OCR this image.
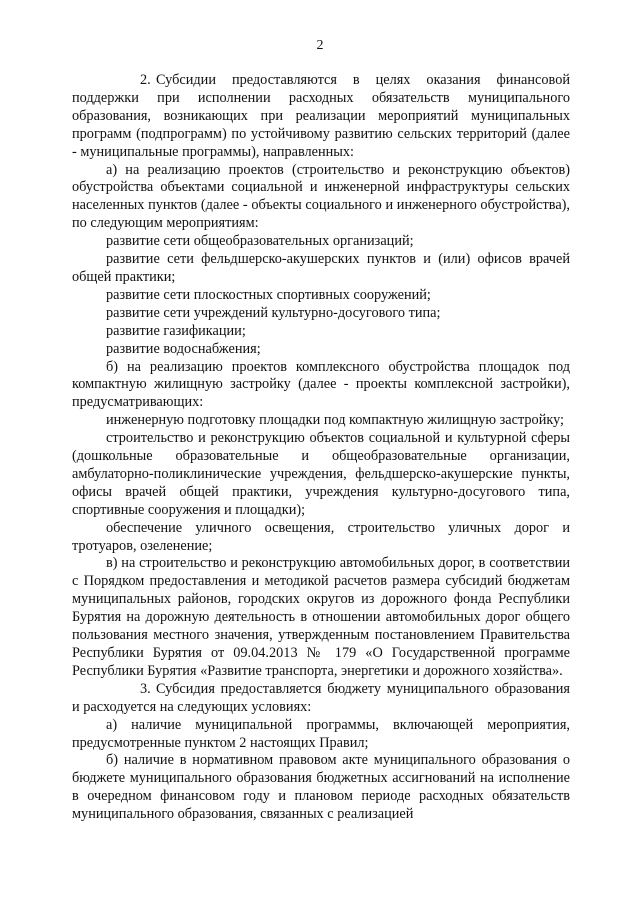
2

2. Субсидии предоставляются в целях оказания финансовой поддержки при исполнении расходных обязательств муниципального образования, возникающих при реализации мероприятий муниципальных программ (подпрограмм) по устойчивому развитию сельских территорий (далее - муниципальные программы), направленных:

а) на реализацию проектов (строительство и реконструкцию объектов) обустройства объектами социальной и инженерной инфраструктуры сельских населенных пунктов (далее - объекты социального и инженерного обустройства), по следующим мероприятиям:

развитие сети общеобразовательных организаций;

развитие сети фельдшерско-акушерских пунктов и (или) офисов врачей общей практики;

развитие сети плоскостных спортивных сооружений;

развитие сети учреждений культурно-досугового типа;

развитие газификации;

развитие водоснабжения;

б) на реализацию проектов комплексного обустройства площадок под компактную жилищную застройку (далее - проекты комплексной застройки), предусматривающих:

инженерную подготовку площадки под компактную жилищную застройку;

строительство и реконструкцию объектов социальной и культурной сферы (дошкольные образовательные и общеобразовательные организации, амбулаторно-поликлинические учреждения, фельдшерско-акушерские пункты, офисы врачей общей практики, учреждения культурно-досугового типа, спортивные сооружения и площадки);

обеспечение уличного освещения, строительство уличных дорог и тротуаров, озеленение;

в) на строительство и реконструкцию автомобильных дорог, в соответствии с Порядком предоставления и методикой расчетов размера субсидий бюджетам муниципальных районов, городских округов из дорожного фонда Республики Бурятия на дорожную деятельность в отношении автомобильных дорог общего пользования местного значения, утвержденным постановлением Правительства Республики Бурятия от 09.04.2013 № 179 «О Государственной программе Республики Бурятия «Развитие транспорта, энергетики и дорожного хозяйства».

3. Субсидия предоставляется бюджету муниципального образования и расходуется на следующих условиях:

а) наличие муниципальной программы, включающей мероприятия, предусмотренные пунктом 2 настоящих Правил;

б) наличие в нормативном правовом акте муниципального образования о бюджете муниципального образования бюджетных ассигнований на исполнение в очередном финансовом году и плановом периоде расходных обязательств муниципального образования, связанных с реализацией
